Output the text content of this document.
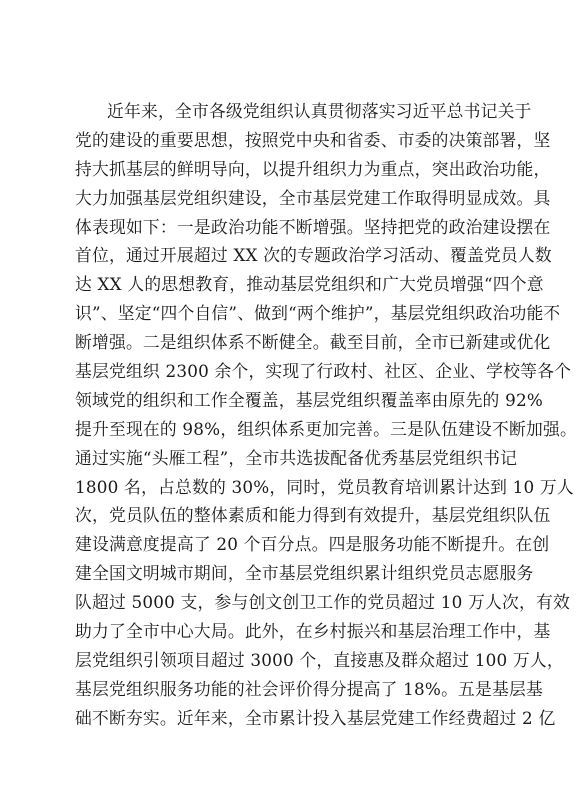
近年来，全市各级党组织认真贯彻落实习近平总书记关于
党的建设的重要思想，按照党中央和省委、市委的决策部署，坚
持大抓基层的鲜明导向，以提升组织力为重点，突出政治功能，
大力加强基层党组织建设，全市基层党建工作取得明显成效。具
体表现如下：一是政治功能不断增强。坚持把党的政治建设摆在
首位，通过开展超过 XX 次的专题政治学习活动、覆盖党员人数
达 XX 人的思想教育，推动基层党组织和广大党员增强“四个意
识”、坚定“四个自信”、做到“两个维护”，基层党组织政治功能不
断增强。二是组织体系不断健全。截至目前，全市已新建或优化
基层党组织 2300 余个，实现了行政村、社区、企业、学校等各个
领域党的组织和工作全覆盖，基层党组织覆盖率由原先的 92%
提升至现在的 98%，组织体系更加完善。三是队伍建设不断加强。
通过实施“头雁工程”，全市共选拔配备优秀基层党组织书记
1800 名，占总数的 30%，同时，党员教育培训累计达到 10 万人
次，党员队伍的整体素质和能力得到有效提升，基层党组织队伍
建设满意度提高了 20 个百分点。四是服务功能不断提升。在创
建全国文明城市期间，全市基层党组织累计组织党员志愿服务
队超过 5000 支，参与创文创卫工作的党员超过 10 万人次，有效
助力了全市中心大局。此外，在乡村振兴和基层治理工作中，基
层党组织引领项目超过 3000 个，直接惠及群众超过 100 万人，
基层党组织服务功能的社会评价得分提高了 18%。五是基层基
础不断夯实。近年来，全市累计投入基层党建工作经费超过 2 亿
